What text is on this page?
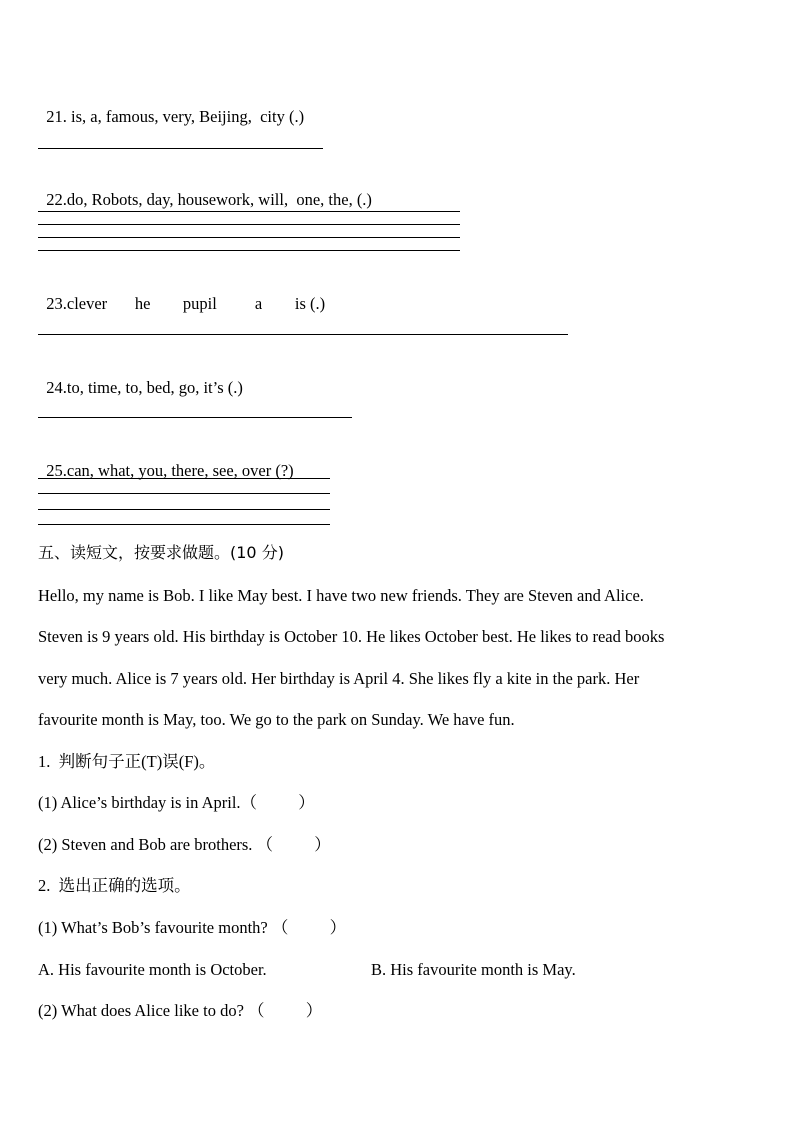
21. is, a, famous, very, Beijing,  city (.)

22.do, Robots, day, housework, will,  one, the, (.)

23.clever he pupil a is (.)

24.to, time, to, bed, go, it’s (.)

25.can, what, you, there, see, over (?)

五、读短文，按要求做题。(10 分)
Hello, my name is Bob. I like May best. I have two new friends. They are Steven and Alice.
Steven is 9 years old. His birthday is October 10. He likes October best. He likes to read books
very much. Alice is 7 years old. Her birthday is April 4. She likes fly a kite in the park. Her
favourite month is May, too. We go to the park on Sunday. We have fun.
1.  判断句子正(T)误(F)。
(1) Alice’s birthday is in April.（          ）
(2) Steven and Bob are brothers. （          ）
2.  选出正确的选项。
(1) What’s Bob’s favourite month? （          ）
A. His favourite month is October.	B. His favourite month is May.
(2) What does Alice like to do? （          ）
